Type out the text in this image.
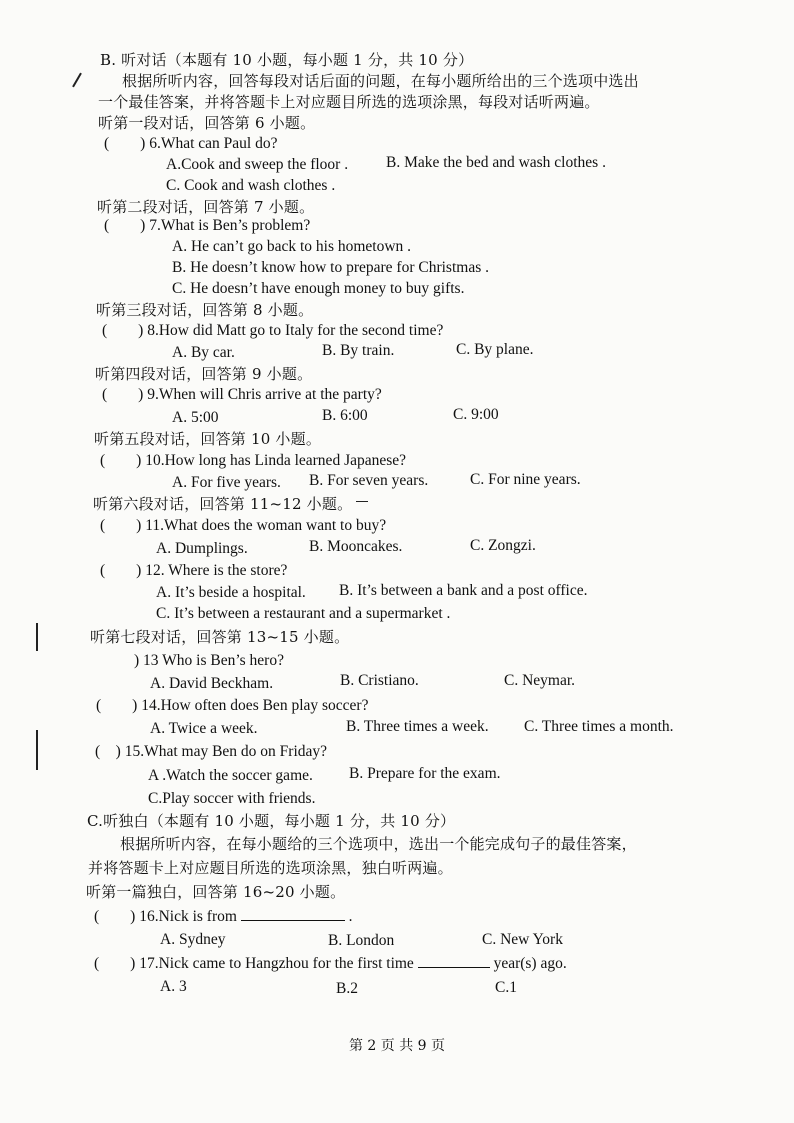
B. 听对话（本题有 10 小题，每小题 1 分，共 10 分）
根据所听内容，回答每段对话后面的问题，在每小题所给出的三个选项中选出
一个最佳答案，并将答题卡上对应题目所选的选项涂黑，每段对话听两遍。
听第一段对话，回答第 6 小题。
(　　) 6.What can Paul do?
A.Cook and sweep the floor . B. Make the bed and wash clothes .
C. Cook and wash clothes .
听第二段对话，回答第 7 小题。
(　　) 7.What is Ben’s problem?
A. He can’t go back to his hometown .
B. He doesn’t know how to prepare for Christmas .
C. He doesn’t have enough money to buy gifts.
听第三段对话，回答第 8 小题。
(　　) 8.How did Matt go to Italy for the second time?
A. By car.	B. By train.	C. By plane.
听第四段对话，回答第 9 小题。
(　　) 9.When will Chris arrive at the party?
A. 5:00	B. 6:00	C. 9:00
听第五段对话，回答第 10 小题。
(　　) 10.How long has Linda learned Japanese?
A. For five years. B. For seven years.	C. For nine years.
听第六段对话，回答第 11~12 小题。
(　　) 11.What does the woman want to buy?
A. Dumplings.	B. Mooncakes.	C. Zongzi.
(　　) 12. Where is the store?
A. It’s beside a hospital. B. It’s between a bank and a post office.
C. It’s between a restaurant and a supermarket .
听第七段对话，回答第 13~15 小题。
) 13 Who is Ben’s hero?
A. David Beckham.	B. Cristiano.	C. Neymar.
(　　) 14.How often does Ben play soccer?
A. Twice a week.	B. Three times a week. C. Three times a month.
(　) 15.What may Ben do on Friday?
A .Watch the soccer game. B. Prepare for the exam.
C.Play soccer with friends.
C.听独白（本题有 10 小题，每小题 1 分，共 10 分）
根据所听内容，在每小题给的三个选项中，选出一个能完成句子的最佳答案，
并将答题卡上对应题目所选的选项涂黑，独白听两遍。
听第一篇独白，回答第 16~20 小题。
(　　) 16.Nick is from	.
A. Sydney	B. London	C. New York
(　　) 17.Nick came to Hangzhou for the first time	year(s) ago.
A. 3	B.2	C.1
第 2 页 共 9 页
